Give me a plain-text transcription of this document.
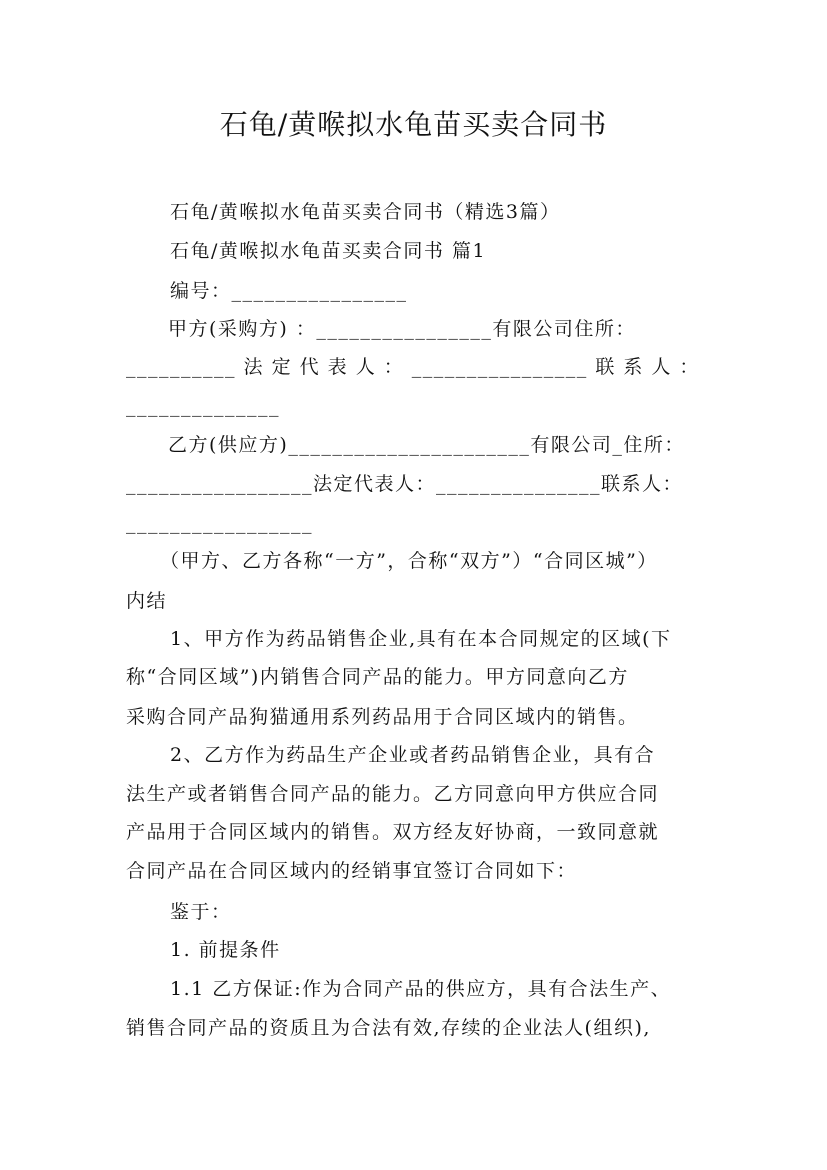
石龟/黄喉拟水龟苗买卖合同书
石龟/黄喉拟水龟苗买卖合同书（精选3篇）
石龟/黄喉拟水龟苗买卖合同书 篇1
编号：________________
甲方(采购方) ：________________有限公司住所：
__________ 法 定 代 表 人 ： ________________ 联 系 人 ：
______________
乙方(供应方)______________________有限公司_住所：
_________________法定代表人：_______________联系人：
_________________
（甲方、乙方各称“一方”，合称“双方”）“合同区城”）
内结
1、甲方作为药品销售企业,具有在本合同规定的区域(下
称“合同区域”)内销售合同产品的能力。甲方同意向乙方
采购合同产品狗猫通用系列药品用于合同区域内的销售。
2、乙方作为药品生产企业或者药品销售企业，具有合
法生产或者销售合同产品的能力。乙方同意向甲方供应合同
产品用于合同区域内的销售。双方经友好协商，一致同意就
合同产品在合同区域内的经销事宜签订合同如下：
鉴于：
1. 前提条件
1.1 乙方保证:作为合同产品的供应方，具有合法生产、
销售合同产品的资质且为合法有效,存续的企业法人(组织),
